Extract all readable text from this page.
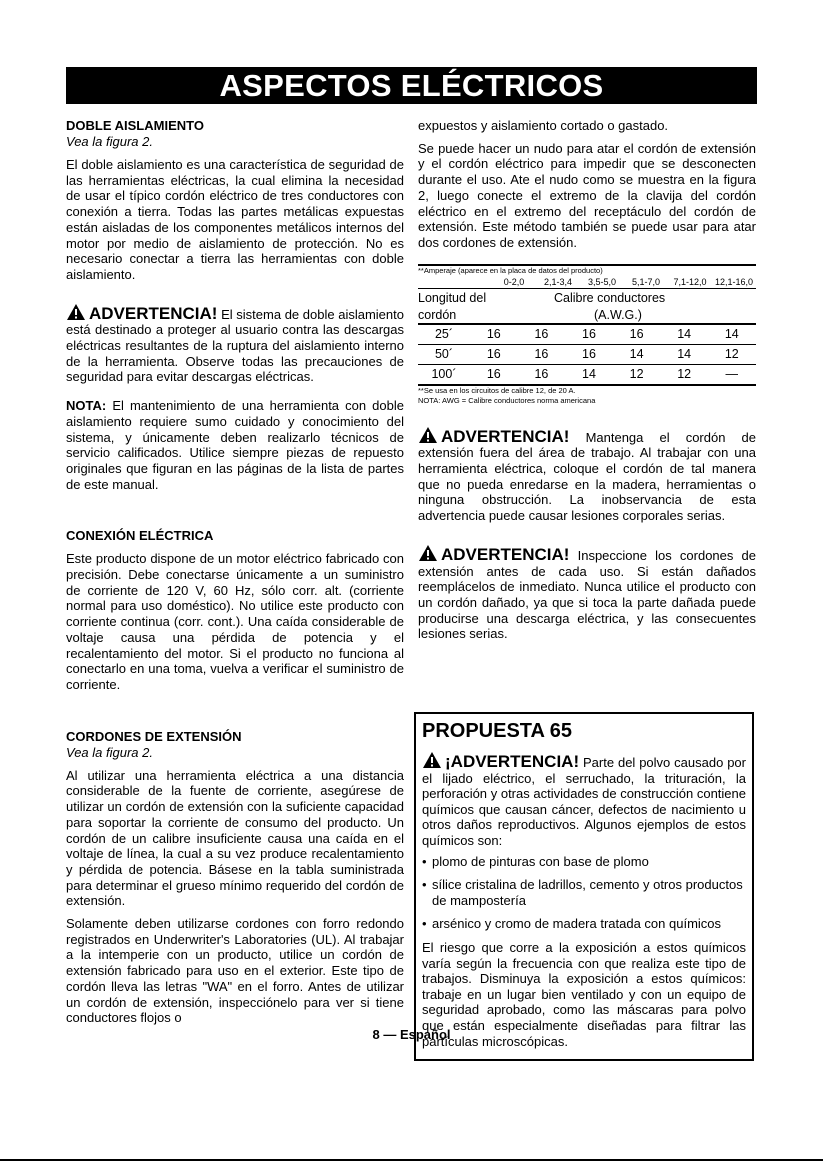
ASPECTOS ELÉCTRICOS
DOBLE AISLAMIENTO
Vea la figura 2.

El doble aislamiento es una característica de seguridad de las herramientas eléctricas, la cual elimina la necesidad de usar el típico cordón eléctrico de tres conductores con conexión a tierra. Todas las partes metálicas expuestas están aisladas de los componentes metálicos internos del motor por medio de aislamiento de protección. No es necesario conectar a tierra las herramientas con doble aislamiento.

ADVERTENCIA! El sistema de doble aislamiento está destinado a proteger al usuario contra las descargas eléctricas resultantes de la ruptura del aislamiento interno de la herramienta. Observe todas las precauciones de seguridad para evitar descargas eléctricas.

NOTA: El mantenimiento de una herramienta con doble aislamiento requiere sumo cuidado y conocimiento del sistema, y únicamente deben realizarlo técnicos de servicio calificados. Utilice siempre piezas de repuesto originales que figuran en las páginas de la lista de partes de este manual.

CONEXIÓN ELÉCTRICA

Este producto dispone de un motor eléctrico fabricado con precisión. Debe conectarse únicamente a un suministro de corriente de 120 V, 60 Hz, sólo corr. alt. (corriente normal para uso doméstico). No utilice este producto con corriente continua (corr. cont.). Una caída considerable de voltaje causa una pérdida de potencia y el recalentamiento del motor. Si el producto no funciona al conectarlo en una toma, vuelva a verificar el suministro de corriente.

CORDONES DE EXTENSIÓN
Vea la figura 2.

Al utilizar una herramienta eléctrica a una distancia considerable de la fuente de corriente, asegúrese de utilizar un cordón de extensión con la suficiente capacidad para soportar la corriente de consumo del producto. Un cordón de un calibre insuficiente causa una caída en el voltaje de línea, la cual a su vez produce recalentamiento y pérdida de potencia. Básese en la tabla suministrada para determinar el grueso mínimo requerido del cordón de extensión.

Solamente deben utilizarse cordones con forro redondo registrados en Underwriter's Laboratories (UL). Al trabajar a la intemperie con un producto, utilice un cordón de extensión fabricado para uso en el exterior. Este tipo de cordón lleva las letras "WA" en el forro. Antes de utilizar un cordón de extensión, inspecciónelo para ver si tiene conductores flojos o

expuestos y aislamiento cortado o gastado.

Se puede hacer un nudo para atar el cordón de extensión y el cordón eléctrico para impedir que se desconecten durante el uso. Ate el nudo como se muestra en la figura 2, luego conecte el extremo de la clavija del cordón eléctrico en el extremo del receptáculo del cordón de extensión. Este método también se puede usar para atar dos cordones de extensión.

**Amperaje (aparece en la placa de datos del producto)
0-2,0	2,1-3,4	3,5-5,0	5,1-7,0	7,1-12,0 12,1-16,0
Longitud del	Calibre conductores
cordón	(A.W.G.)
25´	16	16	16	16	14	14
50´	16	16	16	14	14	12
100´	16	16	14	12	12	—
**Se usa en los circuitos de calibre 12, de 20 A.
NOTA: AWG = Calibre conductores norma americana

ADVERTENCIA! Mantenga el cordón de extensión fuera del área de trabajo. Al trabajar con una herramienta eléctrica, coloque el cordón de tal manera que no pueda enredarse en la madera, herramientas o ninguna obstrucción. La inobservancia de esta advertencia puede causar lesiones corporales serias.

ADVERTENCIA! Inspeccione los cordones de extensión antes de cada uso. Si están dañados reemplácelos de inmediato. Nunca utilice el producto con un cordón dañado, ya que si toca la parte dañada puede producirse una descarga eléctrica, y las consecuentes lesiones serias.

PROPUESTA 65

¡ADVERTENCIA! Parte del polvo causado por el lijado eléctrico, el serruchado, la trituración, la perforación y otras actividades de construcción contiene químicos que causan cáncer, defectos de nacimiento u otros daños reproductivos. Algunos ejemplos de estos químicos son:

• plomo de pinturas con base de plomo
• sílice cristalina de ladrillos, cemento y otros productos de mampostería
• arsénico y cromo de madera tratada con químicos

El riesgo que corre a la exposición a estos químicos varía según la frecuencia con que realiza este tipo de trabajos. Disminuya la exposición a estos químicos: trabaje en un lugar bien ventilado y con un equipo de seguridad aprobado, como las máscaras para polvo que están especialmente diseñadas para filtrar las partículas microscópicas.

8 — Español
